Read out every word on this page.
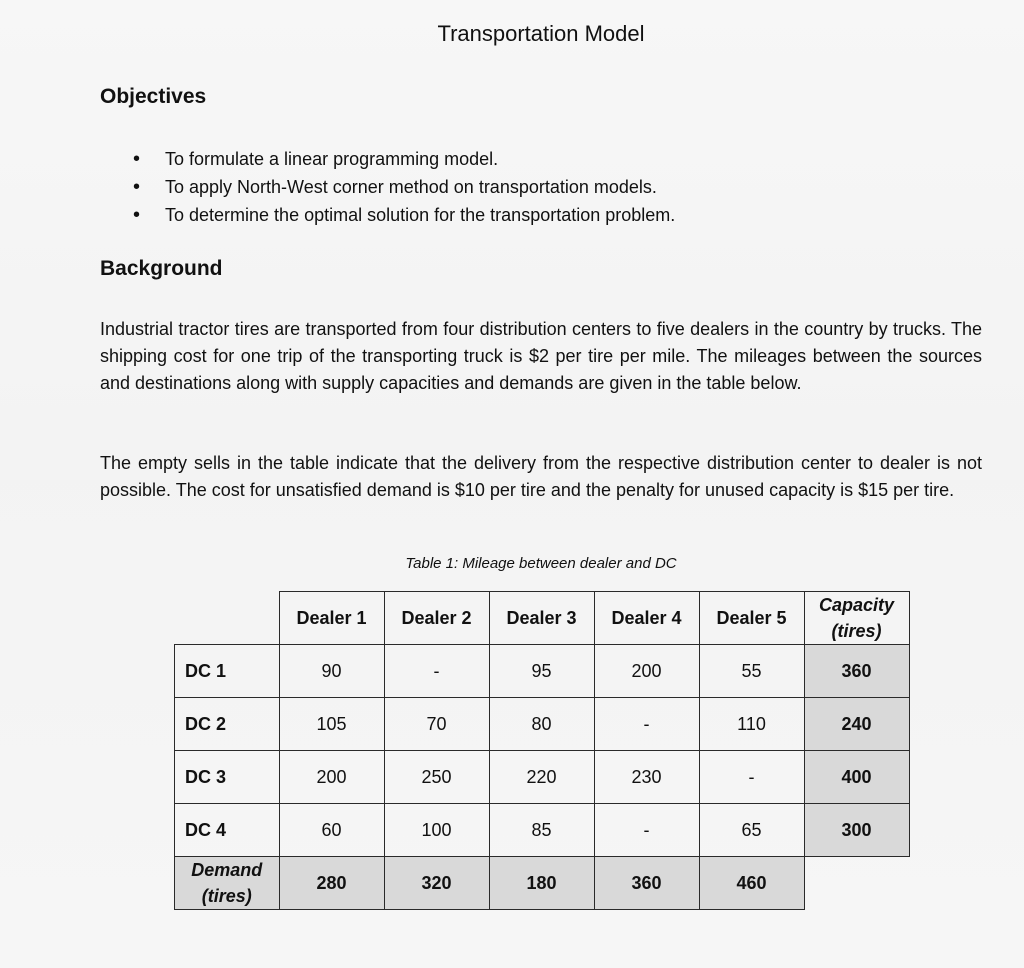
Transportation Model
Objectives
• To formulate a linear programming model.
• To apply North-West corner method on transportation models.
• To determine the optimal solution for the transportation problem.
Background

Industrial tractor tires are transported from four distribution centers to five dealers in the country by trucks. The shipping cost for one trip of the transporting truck is $2 per tire per mile. The mileages between the sources and destinations along with supply capacities and demands are given in the table below.

The empty sells in the table indicate that the delivery from the respective distribution center to dealer is not possible. The cost for unsatisfied demand is $10 per tire and the penalty for unused capacity is $15 per tire.

Table 1: Mileage between dealer and DC
	Dealer 1	Dealer 2	Dealer 3	Dealer 4	Dealer 5	Capacity
(tires)
DC 1	90	-	95	200	55	360
DC 2	105	70	80	-	110	240
DC 3	200	250	220	230	-	400
DC 4	60	100	85	-	65	300
Demand
(tires)	280	320	180	360	460	
